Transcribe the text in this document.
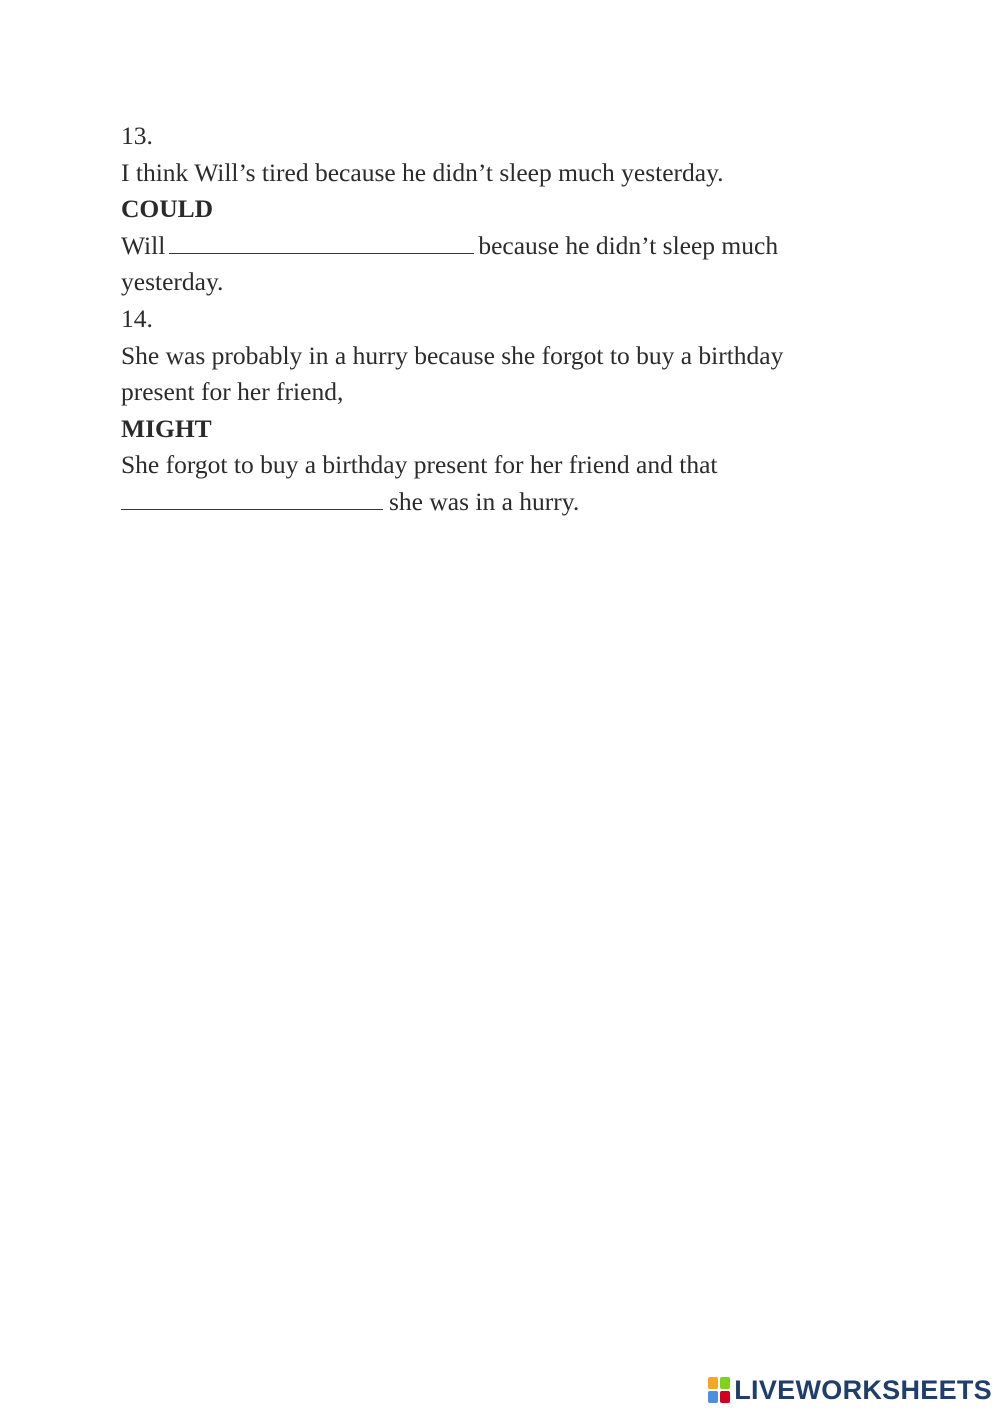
13.
I think Will’s tired because he didn’t sleep much yesterday.
COULD
Will	because he didn’t sleep much
yesterday.
14.
She was probably in a hurry because she forgot to buy a birthday
present for her friend,
MIGHT
She forgot to buy a birthday present for her friend and that
she was in a hurry.
LIVEWORKSHEETS
